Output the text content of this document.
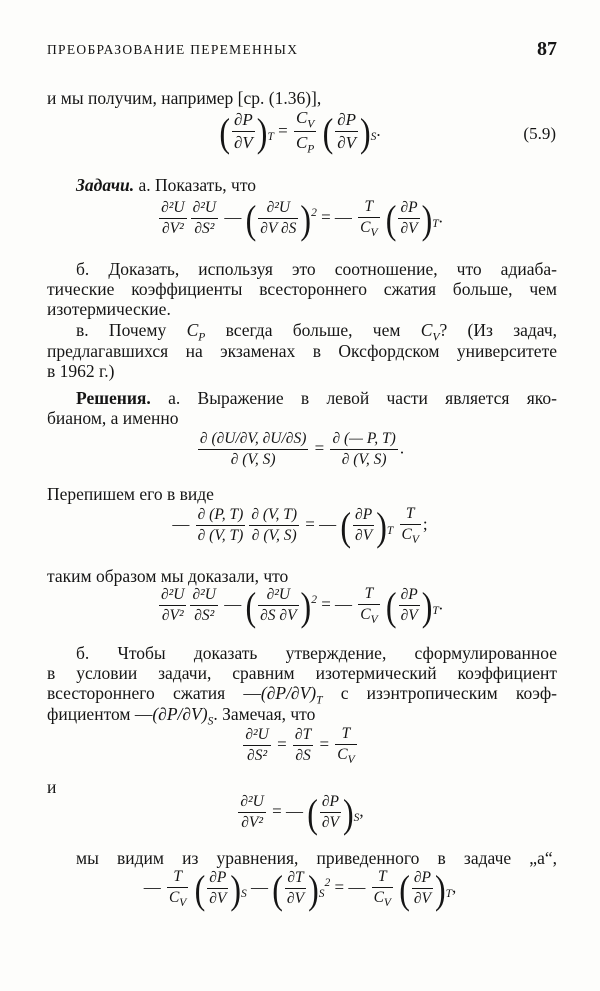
ПРЕОБРАЗОВАНИЕ ПЕРЕМЕННЫХ	87
и мы получим, например [ср. (1.36)],
( $\frac{\partial P}{\partial V} )_T = \frac{C_V}{C_P}$ ( $\frac{\partial P}{\partial V} )_S$.	(5.9)
Задачи. а. Показать, что
$\frac{\text{∂²U}}{\text{∂V²}} \frac{\text{∂²U}}{\text{∂S²}}$ — ( $\frac{\text{∂²U}}{\partial V \partial S} )^2$ = — $\frac{T}{C_V}$ ( $\frac{\partial P}{\partial V} )_T$.
б. Доказать, используя это соотношение, что адиаба-
тические коэффициенты всестороннего сжатия больше, чем
изотермические.
в. Почему $C_P$ всегда больше, чем $C_V$? (Из задач,
предлагавшихся на экзаменах в Оксфордском университете
в 1962 г.)
Решения. а. Выражение в левой части является яко-
бианом, а именно
$\frac{\partial (\partial U/\partial V, \partial U/\partial S)}{\partial (V, S)} = \frac{\partial (— P, T)}{\partial (V, S)}$ .
Перепишем его в виде
— $\frac{\partial (P, T)}{\partial (V, T)} \frac{\partial (V, T)}{\partial (V, S)}$ = — ( $\frac{\partial P}{\partial V} )_T \frac{T}{C_V}$ ;
таким образом мы доказали, что
$\frac{\text{∂²U}}{\text{∂V²}} \frac{\text{∂²U}}{\text{∂S²}}$ — ( $\frac{\text{∂²U}}{\partial S \partial V} )^2$ = — $\frac{T}{C_V}$ ( $\frac{\partial P}{\partial V} )_T$.
б. Чтобы доказать утверждение, сформулированное
в условии задачи, сравним изотермический коэффициент
всестороннего сжатия $—(\partial P/\partial V)_T$ с изэнтропическим коэф-
фициентом $—(\partial P/\partial V)_S$. Замечая, что
$\frac{\text{∂²U}}{\text{∂S²}} = \frac{\partial T}{\partial S} = \frac{T}{C_V}$
и
$\frac{\text{∂²U}}{\text{∂V²}}$ = — ( $\frac{\partial P}{\partial V} )_S$,
мы видим из уравнения, приведенного в задаче „а“,
— $\frac{T}{C_V}$ ( $\frac{\partial P}{\partial V} )_S$ — ( $\frac{\partial T}{\partial V} )_S^2$ = — $\frac{T}{C_V}$ ( $\frac{\partial P}{\partial V} )_T$,
